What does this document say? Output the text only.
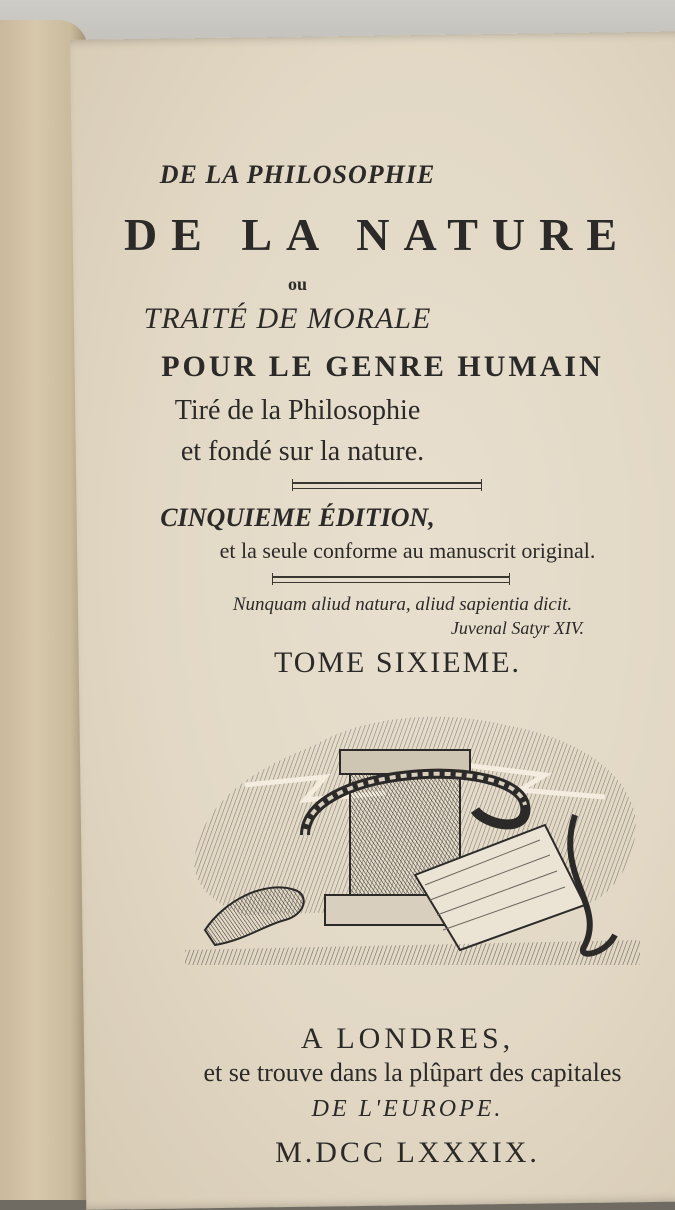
DE LA PHILOSOPHIE
DE LA NATURE
ou
TRAITÉ DE MORALE
POUR LE GENRE HUMAIN
Tiré de la Philosophie
et fondé sur la nature.
CINQUIEME ÉDITION,
et la seule conforme au manuscrit original.
Nunquam aliud natura, aliud sapientia dicit.
Juvenal Satyr XIV.
TOME SIXIEME.
A LONDRES,
et se trouve dans la plûpart des capitales
DE L'EUROPE.
M.DCC LXXXIX.
